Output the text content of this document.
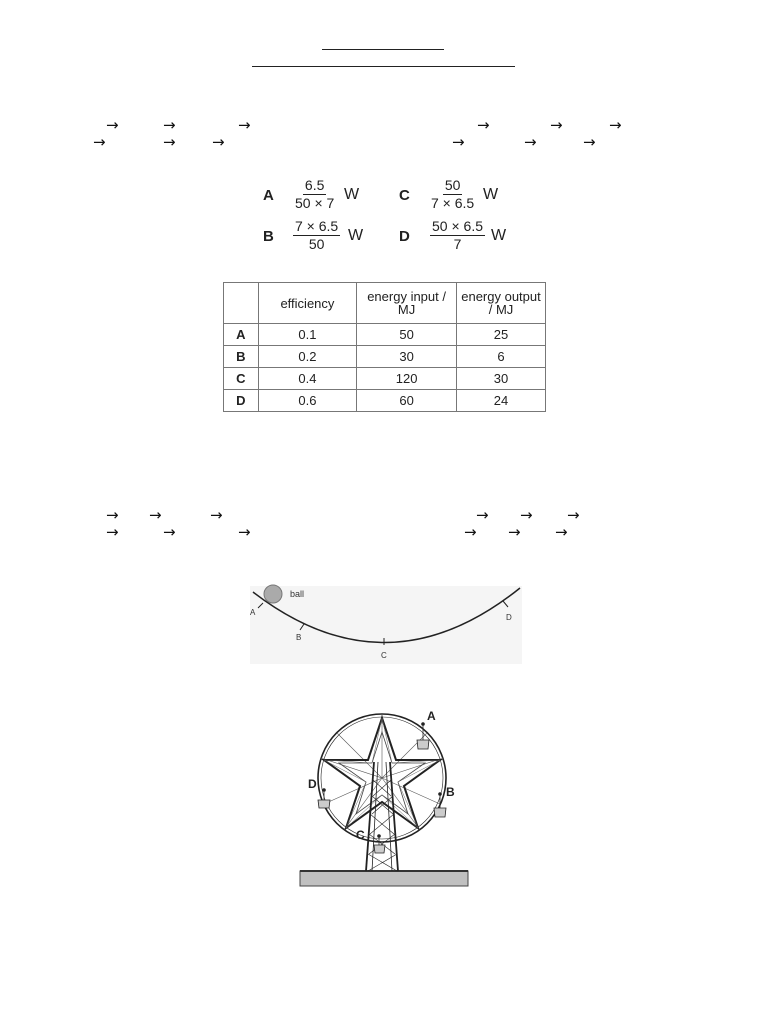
→	→	→	→	→	→
→	→ →	→	→	→
A $\frac{6.5}{50 \times 7}$ W	C $\frac{50}{7 \times 6.5}$ W
B $\frac{7 \times 6.5}{50}$ W D $\frac{50 \times 6.5}{7}$ W
	efficiency	energy input / MJ	energy output / MJ
A	0.1	50	25
B	0.2	30	6
C	0.4	120	30
D	0.6	60	24
→ →	→	→ → →
→	→	→	→ → →
ball
A
B
C
D
A
B
C
D
